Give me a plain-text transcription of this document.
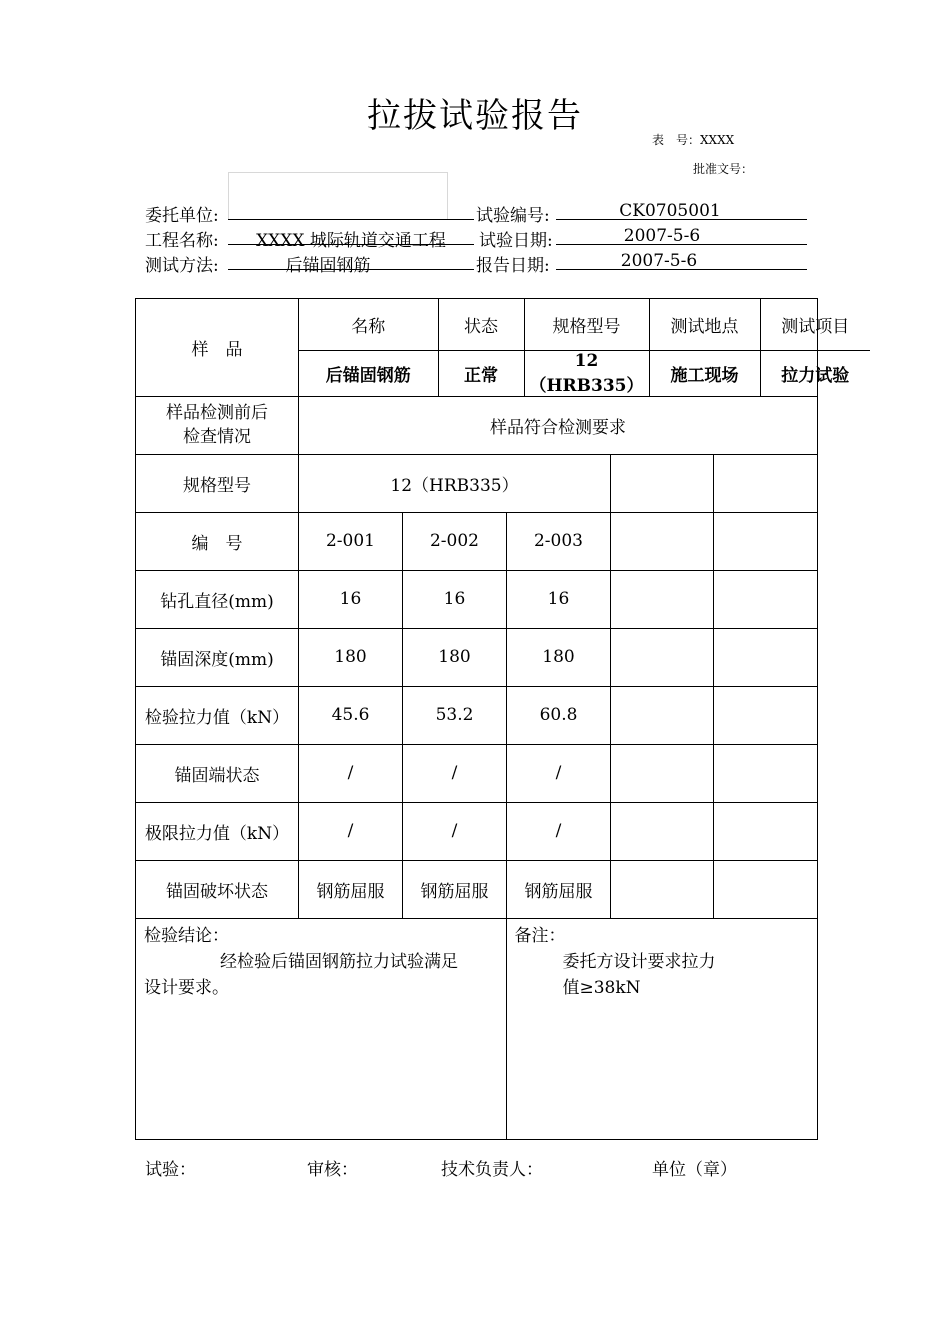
拉拔试验报告
表　号：XXXX
批准文号：
委托单位:	试验编号:	CK0705001
工程名称:	XXXX 城际轨道交通工程	试验日期:	2007-5-6
测试方法:	后锚固钢筋	报告日期:	2007-5-6
样　品	
名称	状态	规格型号	测试地点	测试项目
后锚固钢筋	正常	12（HRB335）	施工现场	拉力试验

样品检测前后
检查情况	样品符合检测要求
规格型号	12（HRB335）		
编　号	2-001	2-002	2-003		
钻孔直径(mm)	16	16	16		
锚固深度(mm)	180	180	180		
检验拉力值（kN）	45.6	53.2	60.8		
锚固端状态	/	/	/		
极限拉力值（kN）	/	/	/		
锚固破坏状态	钢筋屈服	钢筋屈服	钢筋屈服		

检验结论：
经检验后锚固钢筋拉力试验满足
设计要求。

备注：
委托方设计要求拉力
值≥38kN
试验：	审核：	技术负责人：	单位（章）
